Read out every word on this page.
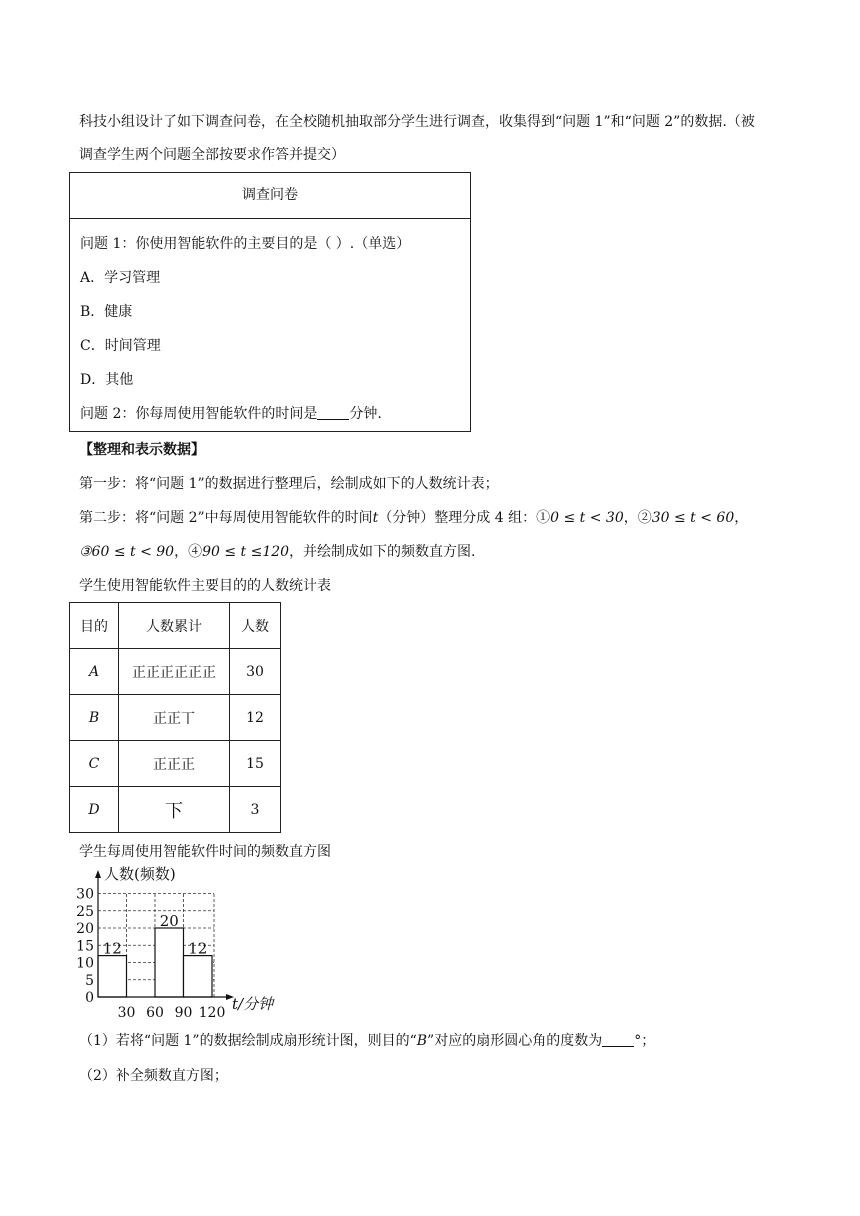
科技小组设计了如下调查问卷，在全校随机抽取部分学生进行调查，收集得到“问题 1”和“问题 2”的数据.（被
调查学生两个问题全部按要求作答并提交）
调查问卷
问题 1：你使用智能软件的主要目的是（ ）.（单选）
A．学习管理
B．健康
C．时间管理
D．其他
问题 2：你每周使用智能软件的时间是 分钟.
【整理和表示数据】
第一步：将“问题 1”的数据进行整理后，绘制成如下的人数统计表；
第二步：将“问题 2”中每周使用智能软件的时间t（分钟）整理分成 4 组：①0 ≤ t < 30，②30 ≤ t < 60，
③60 ≤ t < 90，④90 ≤ t ≤120，并绘制成如下的频数直方图.
学生使用智能软件主要目的的人数统计表
目的	人数累计	人数
A	正正正正正正	30
B	正正丅	12
C	正正正	15
D	下	3
学生每周使用智能软件时间的频数直方图
0
5
10
15
20
25
30
12
20
12
30 60 90 120
人数(频数)
t/分钟
（1）若将“问题 1”的数据绘制成扇形统计图，则目的“B”对应的扇形圆心角的度数为 °；
（2）补全频数直方图；
